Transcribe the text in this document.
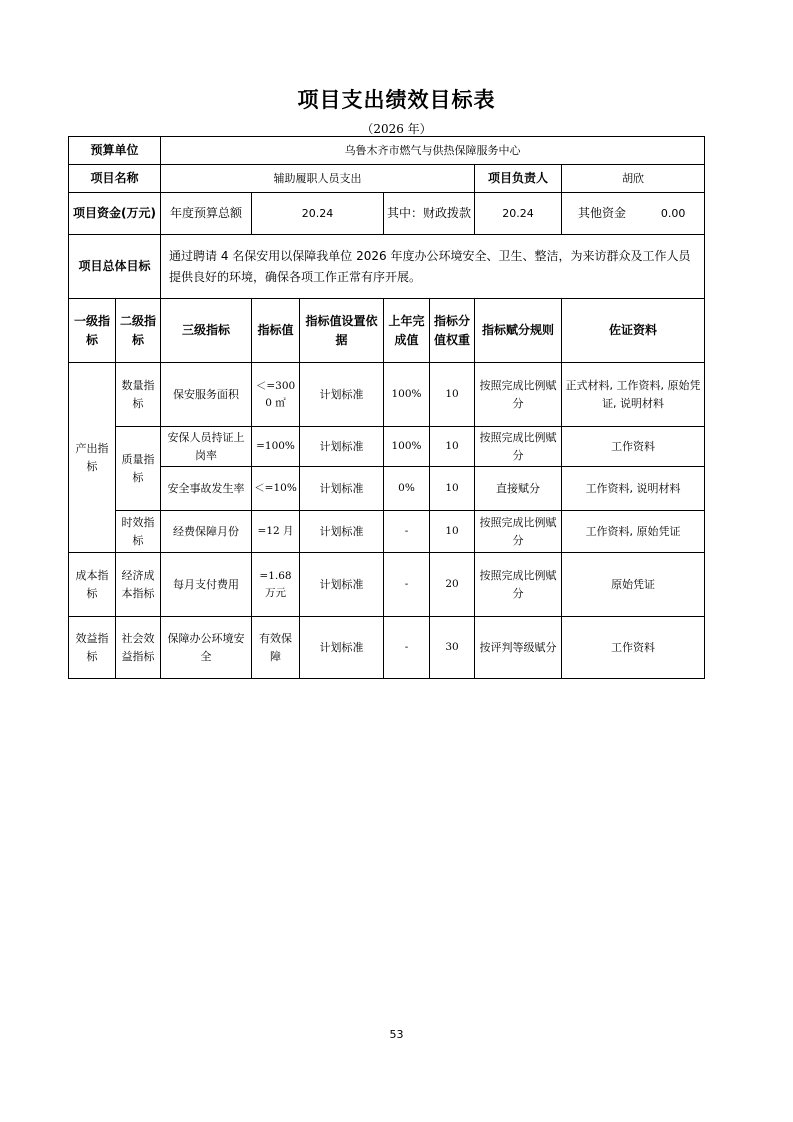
项目支出绩效目标表
（2026 年）
预算单位		乌鲁木齐市燃气与供热保障服务中心						
项目名称		辅助履职人员支出					项目负责人	胡欣
项目资金(万元)		年度预算总额	20.24		其中：财政拨款		20.24	其他资金 0.00

项目总体目标		通过聘请 4 名保安用以保障我单位 2026 年度办公环境安全、卫生、整洁，为来访群众及工作人员提供良好的环境，确保各项工作正常有序开展。						
一级指标	二级指标	三级指标	指标值	指标值设置依据	上年完成值	指标分值权重	指标赋分规则	佐证资料
产出指标	数量指标	保安服务面积	＜=3000 ㎡	计划标准	100%	10	按照完成比例赋分	正式材料, 工作资料, 原始凭证, 说明材料
	质量指标	安保人员持证上岗率	=100%	计划标准	100%	10	按照完成比例赋分	工作资料
		安全事故发生率	＜=10%	计划标准	0%	10	直接赋分	工作资料, 说明材料
	时效指标	经费保障月份	=12 月	计划标准	-	10	按照完成比例赋分	工作资料, 原始凭证
成本指标	经济成本指标	每月支付费用	=1.68 万元	计划标准	-	20	按照完成比例赋分	原始凭证
效益指标	社会效益指标	保障办公环境安全	有效保障	计划标准	-	30	按评判等级赋分	工作资料
53
